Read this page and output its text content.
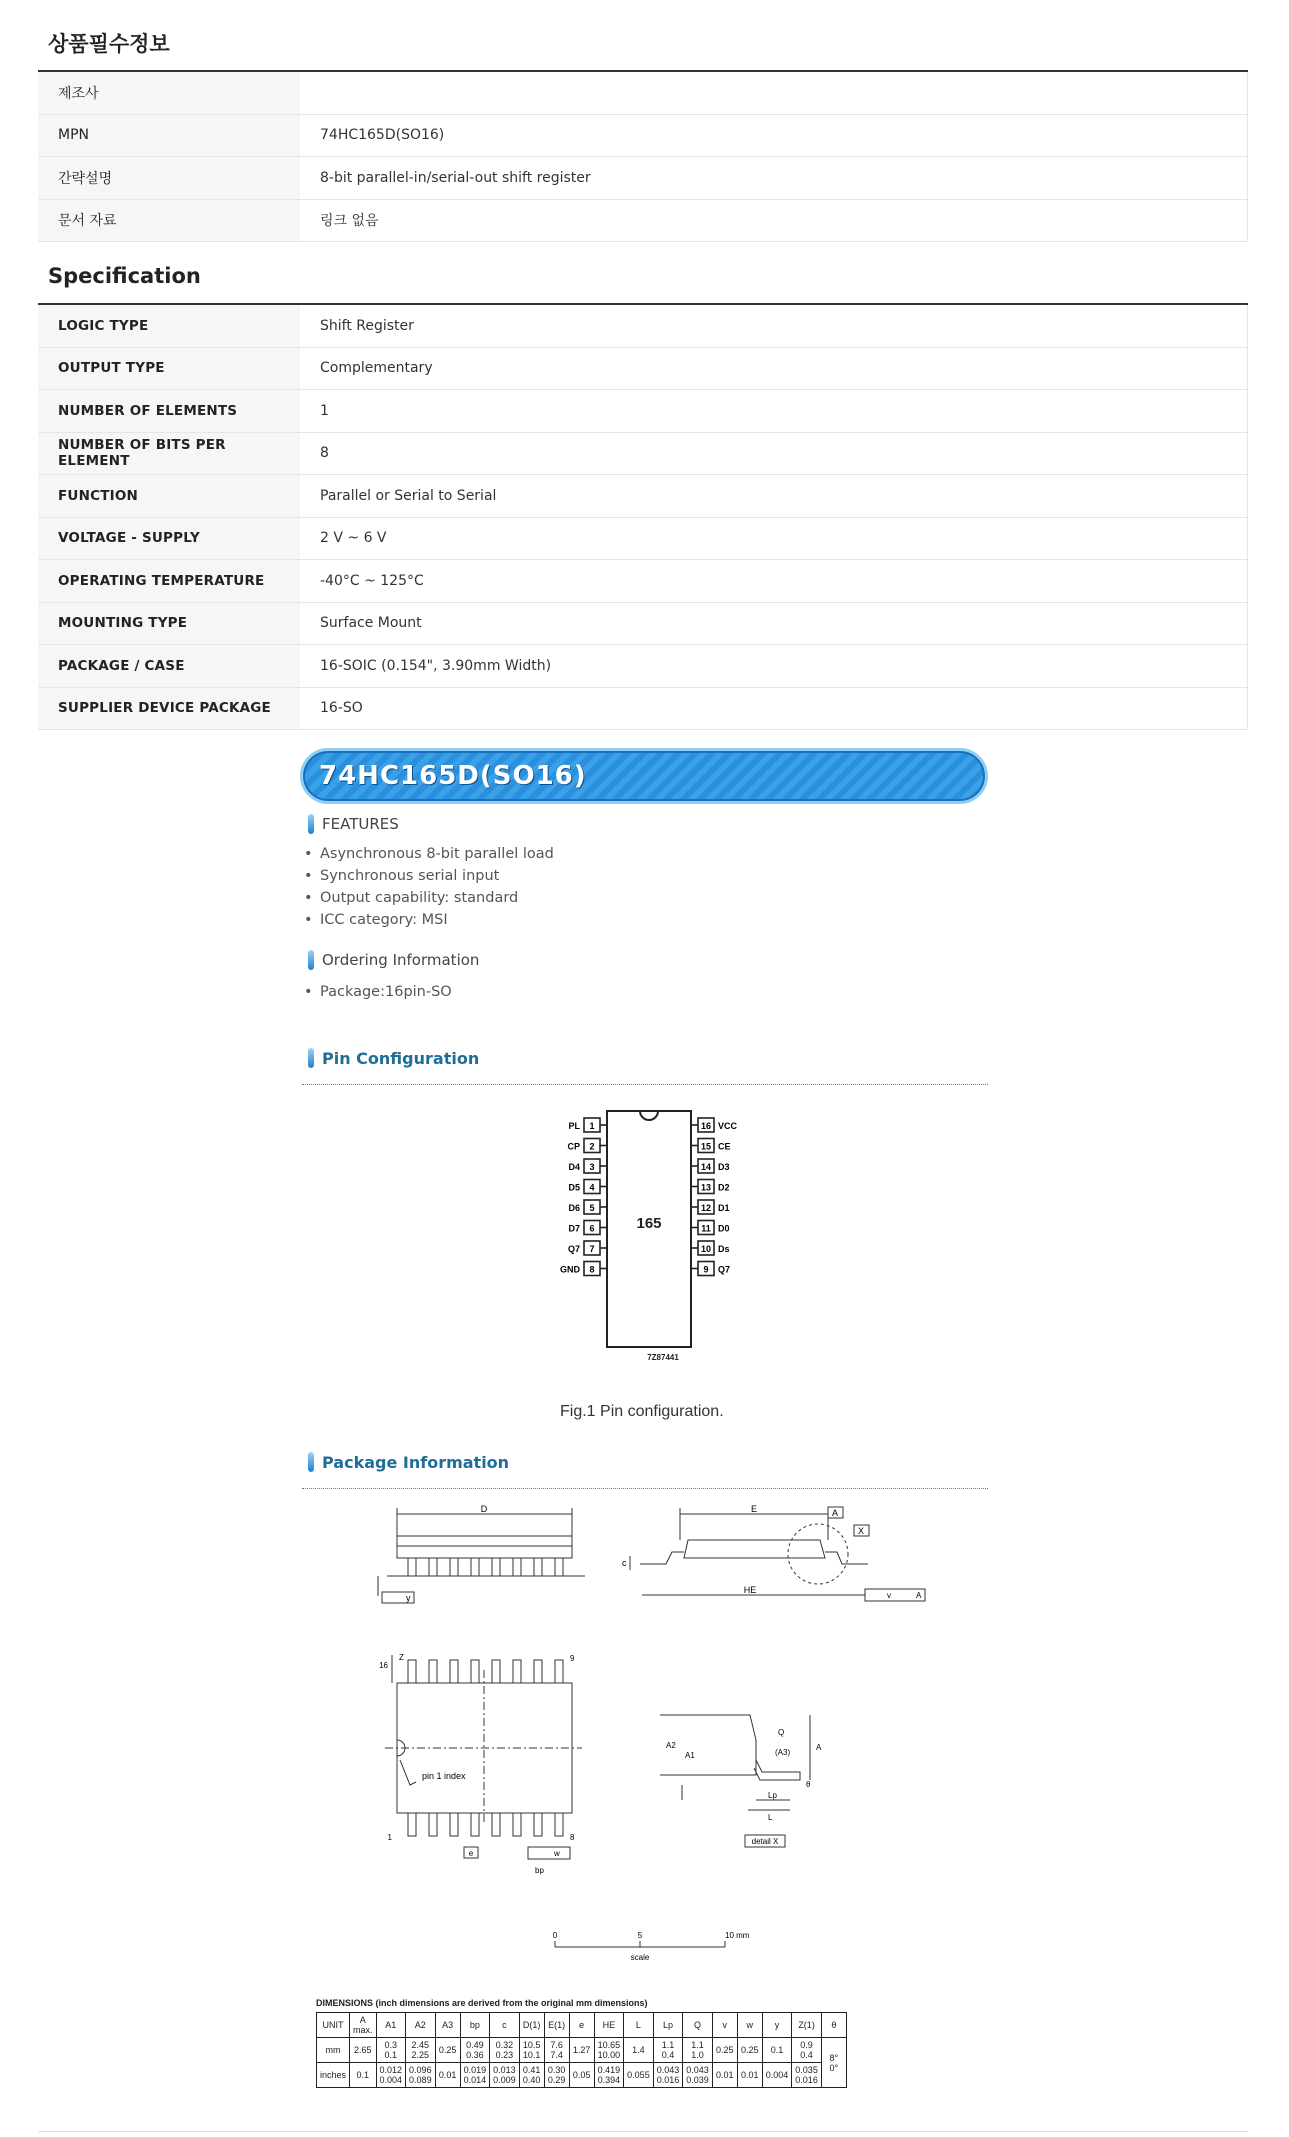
상품필수정보
제조사
MPN	74HC165D(SO16)
간략설명	8-bit parallel-in/serial-out shift register
문서 자료	링크 없음
Specification
LOGIC TYPE	Shift Register
OUTPUT TYPE	Complementary
NUMBER OF ELEMENTS	1
NUMBER OF BITS PER ELEMENT	8
FUNCTION	Parallel or Serial to Serial
VOLTAGE - SUPPLY	2 V ~ 6 V
OPERATING TEMPERATURE	-40°C ~ 125°C
MOUNTING TYPE	Surface Mount
PACKAGE / CASE	16-SOIC (0.154", 3.90mm Width)
SUPPLIER DEVICE PACKAGE	16-SO
74HC165D(SO16)
FEATURES
• Asynchronous 8-bit parallel load
• Synchronous serial input
• Output capability: standard
• ICC category: MSI
Ordering Information
• Package:16pin-SO
Pin Configuration
165
7Z87441
1
PL	16 VCC
2
CP	15 CE
3
D4	14 D3
4
D5	13 D2
5
D6	12 D1
6
D7	11 D0
7
Q7	10 Ds
8
GND	9 Q7
Fig.1 Pin configuration.
Package Information
D
y
E	A
X
HE
c
v	A
Z
16
9
1	8
pin 1 index
e
bp
w
Q
(A3)
A2
A1
A
Lp
L
θ
detail X
0	5	10 mm
scale
DIMENSIONS (inch dimensions are derived from the original mm dimensions)
UNIT	A max.	A1	A2	A3	bp	c	D(1)	E(1)	e	HE	L	Lp	Q	v	w	y	Z(1)	θ
mm	2.65	0.3 0.1	2.45 2.25	0.25	0.49 0.36	0.32 0.23	10.5 10.1	7.6 7.4	1.27	10.65 10.00	1.4	1.1 0.4	1.1 1.0	0.25	0.25	0.1	0.9 0.4	8° 0°
inches	0.1	0.012 0.004	0.096 0.089	0.01	0.019 0.014	0.013 0.009	0.41 0.40	0.30 0.29	0.05	0.419 0.394	0.055	0.043 0.016	0.043 0.039	0.01	0.01	0.004	0.035 0.016	
